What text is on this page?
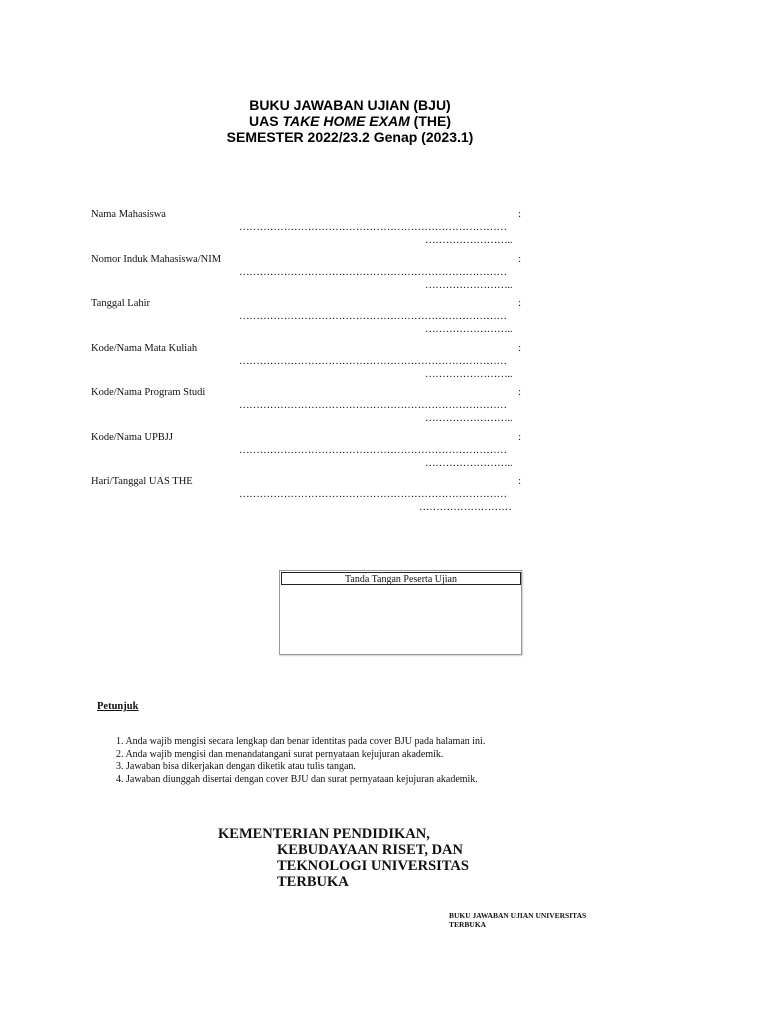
BUKU JAWABAN UJIAN (BJU)
UAS TAKE HOME EXAM (THE)
SEMESTER 2022/23.2 Genap (2023.1)
Nama Mahasiswa	:
……………………………………………………………………
……………………..
Nomor Induk Mahasiswa/NIM	:
……………………………………………………………………
……………………..
Tanggal Lahir	:
……………………………………………………………………
……………………..
Kode/Nama Mata Kuliah	:
……………………………………………………………………
……………………..
Kode/Nama Program Studi	:
……………………………………………………………………
……………………..
Kode/Nama UPBJJ	:
……………………………………………………………………
……………………..
Hari/Tanggal UAS THE	:
……………………………………………………………………
………………………
Tanda Tangan Peserta Ujian
Petunjuk
1. Anda wajib mengisi secara lengkap dan benar identitas pada cover BJU pada halaman ini.
2. Anda wajib mengisi dan menandatangani surat pernyataan kejujuran akademik.
3. Jawaban bisa dikerjakan dengan diketik atau tulis tangan.
4. Jawaban diunggah disertai dengan cover BJU dan surat pernyataan kejujuran akademik.
KEMENTERIAN PENDIDIKAN,
KEBUDAYAAN RISET, DAN
TEKNOLOGI UNIVERSITAS
TERBUKA
BUKU JAWABAN UJIAN UNIVERSITAS
TERBUKA
